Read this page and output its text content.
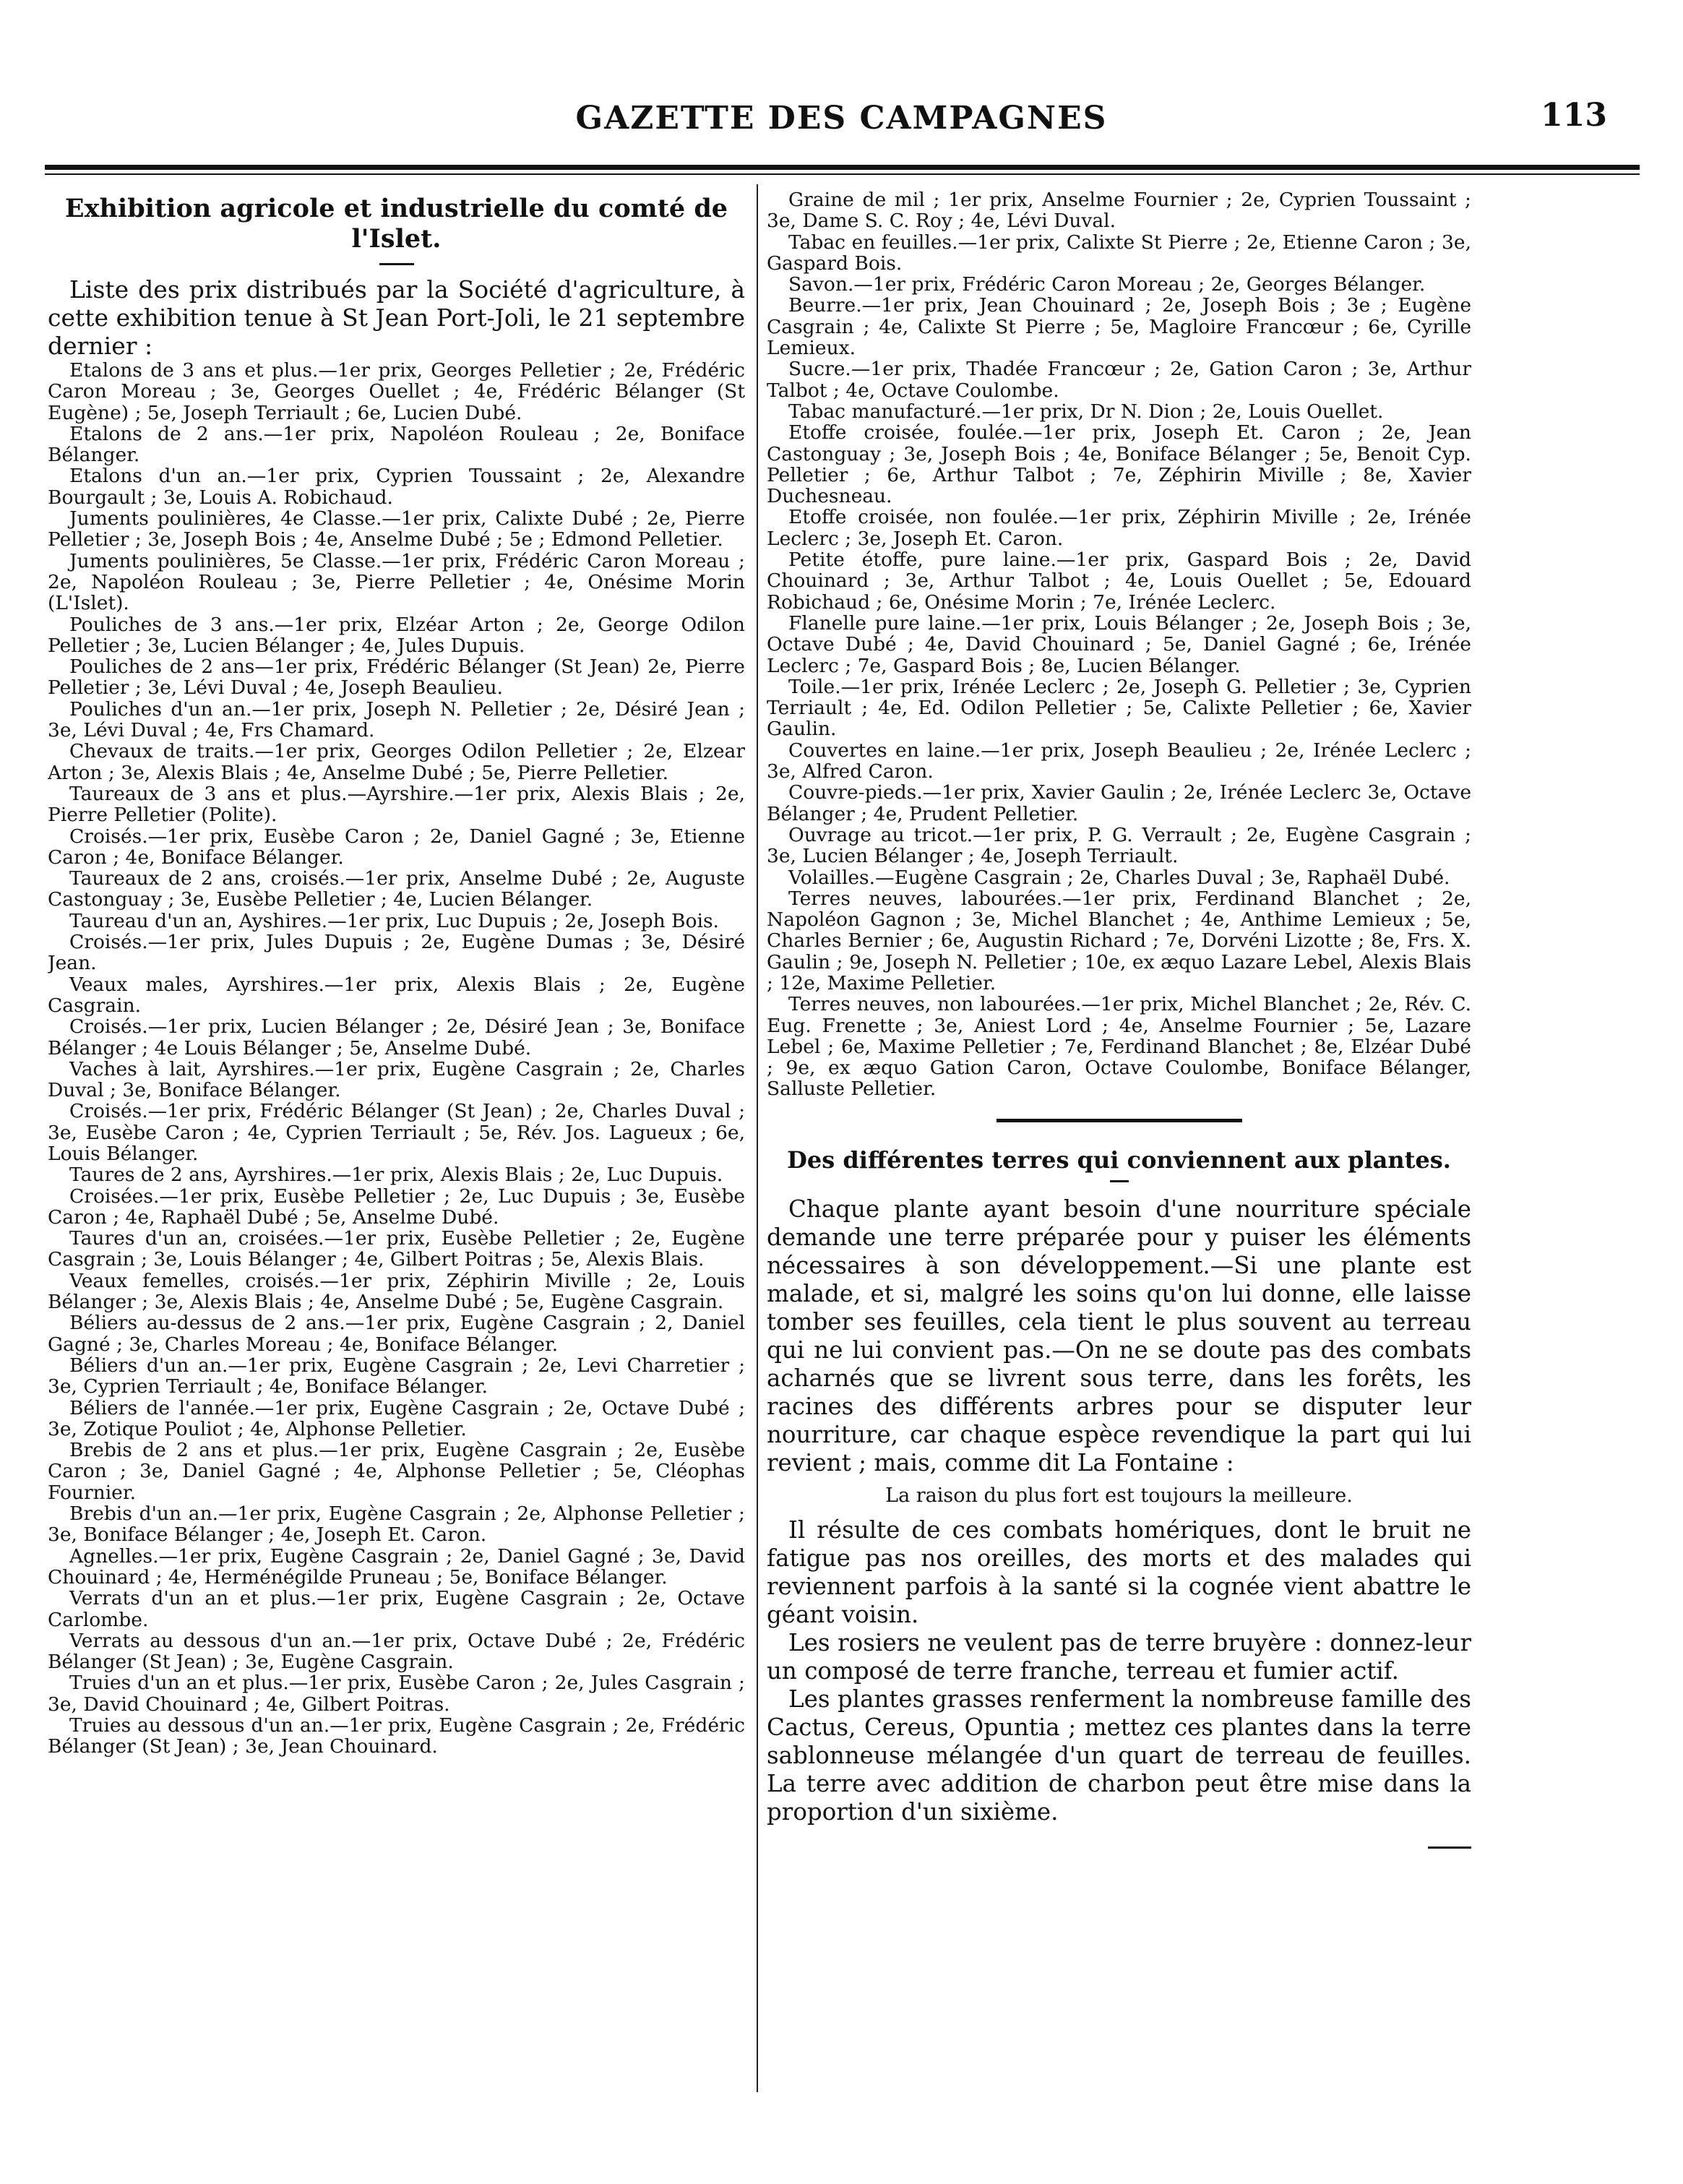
GAZETTE DES CAMPAGNES	113
Exhibition agricole et industrielle du comté de l'Islet.

Liste des prix distribués par la Société d'agriculture, à cette exhibition tenue à St Jean Port-Joli, le 21 septembre dernier :

Etalons de 3 ans et plus.—1er prix, Georges Pelletier ; 2e, Frédéric Caron Moreau ; 3e, Georges Ouellet ; 4e, Frédéric Bélanger (St Eugène) ; 5e, Joseph Terriault ; 6e, Lucien Dubé.

Etalons de 2 ans.—1er prix, Napoléon Rouleau ; 2e, Boniface Bélanger.

Etalons d'un an.—1er prix, Cyprien Toussaint ; 2e, Alexandre Bourgault ; 3e, Louis A. Robichaud.

Juments poulinières, 4e Classe.—1er prix, Calixte Dubé ; 2e, Pierre Pelletier ; 3e, Joseph Bois ; 4e, Anselme Dubé ; 5e ; Edmond Pelletier.

Juments poulinières, 5e Classe.—1er prix, Frédéric Caron Moreau ; 2e, Napoléon Rouleau ; 3e, Pierre Pelletier ; 4e, Onésime Morin (L'Islet).

Pouliches de 3 ans.—1er prix, Elzéar Arton ; 2e, George Odilon Pelletier ; 3e, Lucien Bélanger ; 4e, Jules Dupuis.

Pouliches de 2 ans—1er prix, Frédéric Bélanger (St Jean) 2e, Pierre Pelletier ; 3e, Lévi Duval ; 4e, Joseph Beaulieu.

Pouliches d'un an.—1er prix, Joseph N. Pelletier ; 2e, Désiré Jean ; 3e, Lévi Duval ; 4e, Frs Chamard.

Chevaux de traits.—1er prix, Georges Odilon Pelletier ; 2e, Elzear Arton ; 3e, Alexis Blais ; 4e, Anselme Dubé ; 5e, Pierre Pelletier.

Taureaux de 3 ans et plus.—Ayrshire.—1er prix, Alexis Blais ; 2e, Pierre Pelletier (Polite).

Croisés.—1er prix, Eusèbe Caron ; 2e, Daniel Gagné ; 3e, Etienne Caron ; 4e, Boniface Bélanger.

Taureaux de 2 ans, croisés.—1er prix, Anselme Dubé ; 2e, Auguste Castonguay ; 3e, Eusèbe Pelletier ; 4e, Lucien Bélanger.

Taureau d'un an, Ayshires.—1er prix, Luc Dupuis ; 2e, Joseph Bois.

Croisés.—1er prix, Jules Dupuis ; 2e, Eugène Dumas ; 3e, Désiré Jean.

Veaux males, Ayrshires.—1er prix, Alexis Blais ; 2e, Eugène Casgrain.

Croisés.—1er prix, Lucien Bélanger ; 2e, Désiré Jean ; 3e, Boniface Bélanger ; 4e Louis Bélanger ; 5e, Anselme Dubé.

Vaches à lait, Ayrshires.—1er prix, Eugène Casgrain ; 2e, Charles Duval ; 3e, Boniface Bélanger.

Croisés.—1er prix, Frédéric Bélanger (St Jean) ; 2e, Charles Duval ; 3e, Eusèbe Caron ; 4e, Cyprien Terriault ; 5e, Rév. Jos. Lagueux ; 6e, Louis Bélanger.

Taures de 2 ans, Ayrshires.—1er prix, Alexis Blais ; 2e, Luc Dupuis.

Croisées.—1er prix, Eusèbe Pelletier ; 2e, Luc Dupuis ; 3e, Eusèbe Caron ; 4e, Raphaël Dubé ; 5e, Anselme Dubé.

Taures d'un an, croisées.—1er prix, Eusèbe Pelletier ; 2e, Eugène Casgrain ; 3e, Louis Bélanger ; 4e, Gilbert Poitras ; 5e, Alexis Blais.

Veaux femelles, croisés.—1er prix, Zéphirin Miville ; 2e, Louis Bélanger ; 3e, Alexis Blais ; 4e, Anselme Dubé ; 5e, Eugène Casgrain.

Béliers au-dessus de 2 ans.—1er prix, Eugène Casgrain ; 2, Daniel Gagné ; 3e, Charles Moreau ; 4e, Boniface Bélanger.

Béliers d'un an.—1er prix, Eugène Casgrain ; 2e, Levi Charretier ; 3e, Cyprien Terriault ; 4e, Boniface Bélanger.

Béliers de l'année.—1er prix, Eugène Casgrain ; 2e, Octave Dubé ; 3e, Zotique Pouliot ; 4e, Alphonse Pelletier.

Brebis de 2 ans et plus.—1er prix, Eugène Casgrain ; 2e, Eusèbe Caron ; 3e, Daniel Gagné ; 4e, Alphonse Pelletier ; 5e, Cléophas Fournier.

Brebis d'un an.—1er prix, Eugène Casgrain ; 2e, Alphonse Pelletier ; 3e, Boniface Bélanger ; 4e, Joseph Et. Caron.

Agnelles.—1er prix, Eugène Casgrain ; 2e, Daniel Gagné ; 3e, David Chouinard ; 4e, Herménégilde Pruneau ; 5e, Boniface Bélanger.

Verrats d'un an et plus.—1er prix, Eugène Casgrain ; 2e, Octave Carlombe.

Verrats au dessous d'un an.—1er prix, Octave Dubé ; 2e, Frédéric Bélanger (St Jean) ; 3e, Eugène Casgrain.

Truies d'un an et plus.—1er prix, Eusèbe Caron ; 2e, Jules Casgrain ; 3e, David Chouinard ; 4e, Gilbert Poitras.

Truies au dessous d'un an.—1er prix, Eugène Casgrain ; 2e, Frédéric Bélanger (St Jean) ; 3e, Jean Chouinard.

Graine de mil ; 1er prix, Anselme Fournier ; 2e, Cyprien Toussaint ; 3e, Dame S. C. Roy ; 4e, Lévi Duval.

Tabac en feuilles.—1er prix, Calixte St Pierre ; 2e, Etienne Caron ; 3e, Gaspard Bois.

Savon.—1er prix, Frédéric Caron Moreau ; 2e, Georges Bélanger.

Beurre.—1er prix, Jean Chouinard ; 2e, Joseph Bois ; 3e ; Eugène Casgrain ; 4e, Calixte St Pierre ; 5e, Magloire Francœur ; 6e, Cyrille Lemieux.

Sucre.—1er prix, Thadée Francœur ; 2e, Gation Caron ; 3e, Arthur Talbot ; 4e, Octave Coulombe.

Tabac manufacturé.—1er prix, Dr N. Dion ; 2e, Louis Ouellet.

Etoffe croisée, foulée.—1er prix, Joseph Et. Caron ; 2e, Jean Castonguay ; 3e, Joseph Bois ; 4e, Boniface Bélanger ; 5e, Benoit Cyp. Pelletier ; 6e, Arthur Talbot ; 7e, Zéphirin Miville ; 8e, Xavier Duchesneau.

Etoffe croisée, non foulée.—1er prix, Zéphirin Miville ; 2e, Irénée Leclerc ; 3e, Joseph Et. Caron.

Petite étoffe, pure laine.—1er prix, Gaspard Bois ; 2e, David Chouinard ; 3e, Arthur Talbot ; 4e, Louis Ouellet ; 5e, Edouard Robichaud ; 6e, Onésime Morin ; 7e, Irénée Leclerc.

Flanelle pure laine.—1er prix, Louis Bélanger ; 2e, Joseph Bois ; 3e, Octave Dubé ; 4e, David Chouinard ; 5e, Daniel Gagné ; 6e, Irénée Leclerc ; 7e, Gaspard Bois ; 8e, Lucien Bélanger.

Toile.—1er prix, Irénée Leclerc ; 2e, Joseph G. Pelletier ; 3e, Cyprien Terriault ; 4e, Ed. Odilon Pelletier ; 5e, Calixte Pelletier ; 6e, Xavier Gaulin.

Couvertes en laine.—1er prix, Joseph Beaulieu ; 2e, Irénée Leclerc ; 3e, Alfred Caron.

Couvre-pieds.—1er prix, Xavier Gaulin ; 2e, Irénée Leclerc 3e, Octave Bélanger ; 4e, Prudent Pelletier.

Ouvrage au tricot.—1er prix, P. G. Verrault ; 2e, Eugène Casgrain ; 3e, Lucien Bélanger ; 4e, Joseph Terriault.

Volailles.—Eugène Casgrain ; 2e, Charles Duval ; 3e, Raphaël Dubé.

Terres neuves, labourées.—1er prix, Ferdinand Blanchet ; 2e, Napoléon Gagnon ; 3e, Michel Blanchet ; 4e, Anthime Lemieux ; 5e, Charles Bernier ; 6e, Augustin Richard ; 7e, Dorvéni Lizotte ; 8e, Frs. X. Gaulin ; 9e, Joseph N. Pelletier ; 10e, ex æquo Lazare Lebel, Alexis Blais ; 12e, Maxime Pelletier.

Terres neuves, non labourées.—1er prix, Michel Blanchet ; 2e, Rév. C. Eug. Frenette ; 3e, Aniest Lord ; 4e, Anselme Fournier ; 5e, Lazare Lebel ; 6e, Maxime Pelletier ; 7e, Ferdinand Blanchet ; 8e, Elzéar Dubé ; 9e, ex æquo Gation Caron, Octave Coulombe, Boniface Bélanger, Salluste Pelletier.

Des différentes terres qui conviennent aux plantes.

Chaque plante ayant besoin d'une nourriture spéciale demande une terre préparée pour y puiser les éléments nécessaires à son développement.—Si une plante est malade, et si, malgré les soins qu'on lui donne, elle laisse tomber ses feuilles, cela tient le plus souvent au terreau qui ne lui convient pas.—On ne se doute pas des combats acharnés que se livrent sous terre, dans les forêts, les racines des différents arbres pour se disputer leur nourriture, car chaque espèce revendique la part qui lui revient ; mais, comme dit La Fontaine :

La raison du plus fort est toujours la meilleure.

Il résulte de ces combats homériques, dont le bruit ne fatigue pas nos oreilles, des morts et des malades qui reviennent parfois à la santé si la cognée vient abattre le géant voisin.

Les rosiers ne veulent pas de terre bruyère : donnez-leur un composé de terre franche, terreau et fumier actif.

Les plantes grasses renferment la nombreuse famille des Cactus, Cereus, Opuntia ; mettez ces plantes dans la terre sablonneuse mélangée d'un quart de terreau de feuilles. La terre avec addition de charbon peut être mise dans la proportion d'un sixième.
